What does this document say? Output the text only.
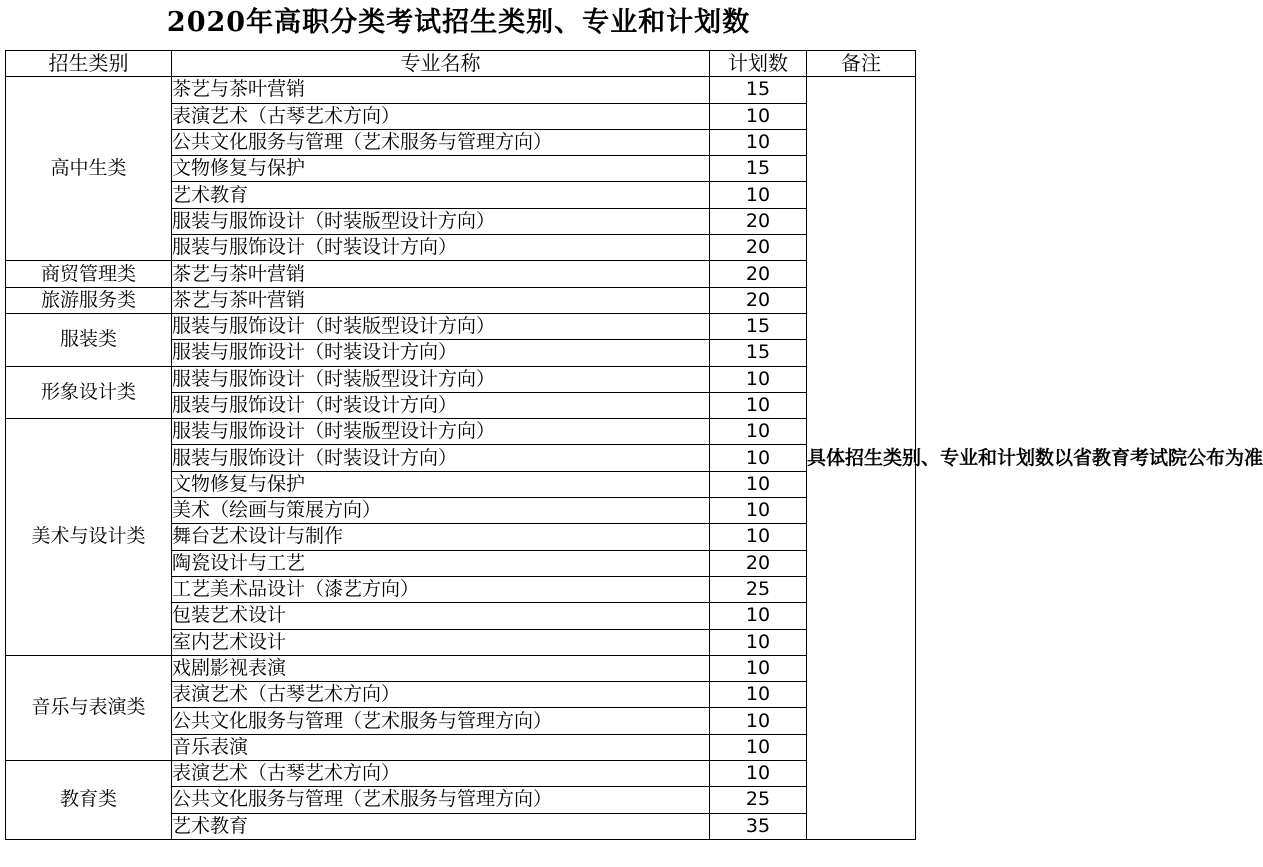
2020年高职分类考试招生类别、专业和计划数
招生类别	专业名称	计划数	备注
高中生类	茶艺与茶叶营销	15	具体招生类别、专业和计划数以省教育考试院公布为准
	表演艺术（古琴艺术方向）	10	
	公共文化服务与管理（艺术服务与管理方向）	10	
	文物修复与保护	15	
	艺术教育	10	
	服装与服饰设计（时装版型设计方向）	20	
	服装与服饰设计（时装设计方向）	20	
商贸管理类	茶艺与茶叶营销	20	
旅游服务类	茶艺与茶叶营销	20	
服装类	服装与服饰设计（时装版型设计方向）	15	
	服装与服饰设计（时装设计方向）	15	
形象设计类	服装与服饰设计（时装版型设计方向）	10	
	服装与服饰设计（时装设计方向）	10	
美术与设计类	服装与服饰设计（时装版型设计方向）	10	
	服装与服饰设计（时装设计方向）	10	
	文物修复与保护	10	
	美术（绘画与策展方向）	10	
	舞台艺术设计与制作	10	
	陶瓷设计与工艺	20	
	工艺美术品设计（漆艺方向）	25	
	包装艺术设计	10	
	室内艺术设计	10	
音乐与表演类	戏剧影视表演	10	
	表演艺术（古琴艺术方向）	10	
	公共文化服务与管理（艺术服务与管理方向）	10	
	音乐表演	10	
教育类	表演艺术（古琴艺术方向）	10	
	公共文化服务与管理（艺术服务与管理方向）	25	
	艺术教育	35	
